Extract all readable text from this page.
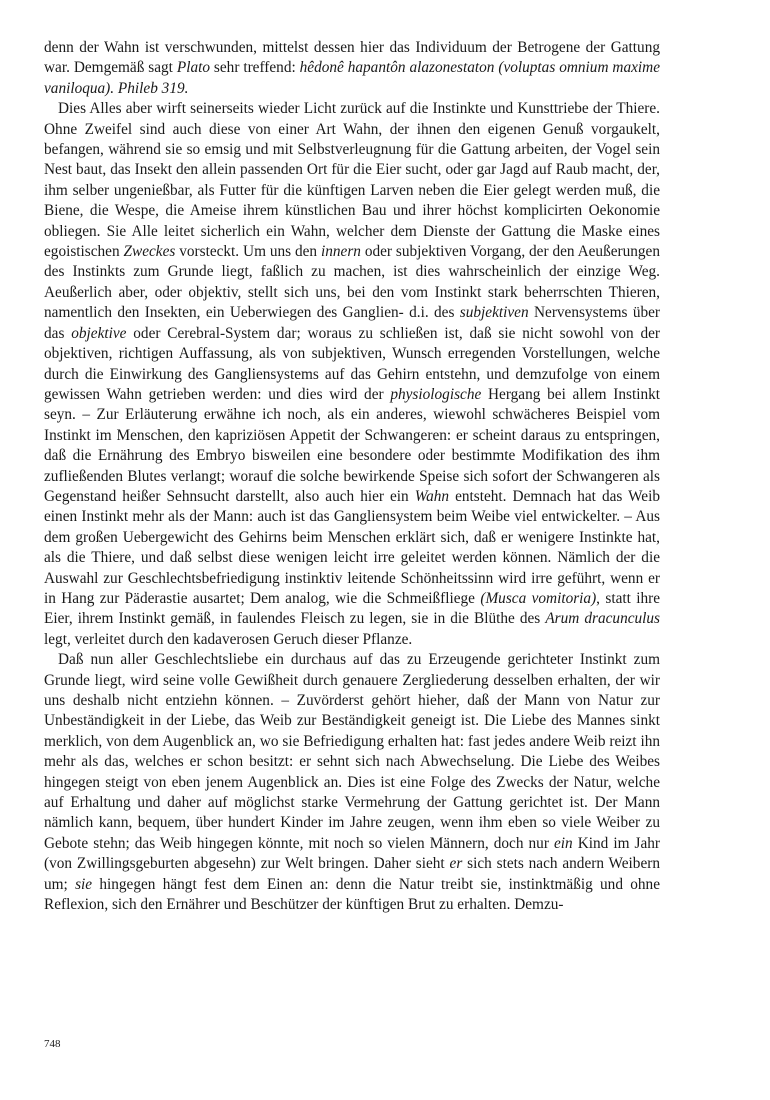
denn der Wahn ist verschwunden, mittelst dessen hier das Individuum der Betrogene der Gattung war. Demgemäß sagt Plato sehr treffend: hêdonê hapantôn alazonestaton (voluptas omnium maxime vaniloqua). Phileb 319.

Dies Alles aber wirft seinerseits wieder Licht zurück auf die Instinkte und Kunsttriebe der Thiere. Ohne Zweifel sind auch diese von einer Art Wahn, der ihnen den eigenen Genuß vorgaukelt, befangen, während sie so emsig und mit Selbstverleugnung für die Gattung arbeiten, der Vogel sein Nest baut, das Insekt den allein passenden Ort für die Eier sucht, oder gar Jagd auf Raub macht, der, ihm selber ungenießbar, als Futter für die künftigen Larven neben die Eier gelegt werden muß, die Biene, die Wespe, die Ameise ihrem künstlichen Bau und ihrer höchst komplicirten Oekonomie obliegen. Sie Alle leitet sicherlich ein Wahn, welcher dem Dienste der Gattung die Maske eines egoistischen Zweckes vorsteckt. Um uns den innern oder subjektiven Vorgang, der den Aeußerungen des Instinkts zum Grunde liegt, faßlich zu machen, ist dies wahrscheinlich der einzige Weg. Aeußerlich aber, oder objektiv, stellt sich uns, bei den vom Instinkt stark beherrschten Thieren, namentlich den Insekten, ein Ueberwiegen des Ganglien- d.i. des subjektiven Nervensystems über das objektive oder Cerebral-System dar; woraus zu schließen ist, daß sie nicht sowohl von der objektiven, richtigen Auffassung, als von subjektiven, Wunsch erregenden Vorstellungen, welche durch die Einwirkung des Gangliensystems auf das Gehirn entstehn, und demzufolge von einem gewissen Wahn getrieben werden: und dies wird der physiologische Hergang bei allem Instinkt seyn. – Zur Erläuterung erwähne ich noch, als ein anderes, wiewohl schwächeres Beispiel vom Instinkt im Menschen, den kapriziösen Appetit der Schwangeren: er scheint daraus zu entspringen, daß die Ernährung des Embryo bisweilen eine besondere oder bestimmte Modifikation des ihm zufließenden Blutes verlangt; worauf die solche bewirkende Speise sich sofort der Schwangeren als Gegenstand heißer Sehnsucht darstellt, also auch hier ein Wahn entsteht. Demnach hat das Weib einen Instinkt mehr als der Mann: auch ist das Gangliensystem beim Weibe viel entwickelter. – Aus dem großen Uebergewicht des Gehirns beim Menschen erklärt sich, daß er wenigere Instinkte hat, als die Thiere, und daß selbst diese wenigen leicht irre geleitet werden können. Nämlich der die Auswahl zur Geschlechtsbefriedigung instinktiv leitende Schönheitssinn wird irre geführt, wenn er in Hang zur Päderastie ausartet; Dem analog, wie die Schmeißfliege (Musca vomitoria), statt ihre Eier, ihrem Instinkt gemäß, in faulendes Fleisch zu legen, sie in die Blüthe des Arum dracunculus legt, verleitet durch den kadaverosen Geruch dieser Pflanze.

Daß nun aller Geschlechtsliebe ein durchaus auf das zu Erzeugende gerichteter Instinkt zum Grunde liegt, wird seine volle Gewißheit durch genauere Zergliederung desselben erhalten, der wir uns deshalb nicht entziehn können. – Zuvörderst gehört hieher, daß der Mann von Natur zur Unbeständigkeit in der Liebe, das Weib zur Beständigkeit geneigt ist. Die Liebe des Mannes sinkt merklich, von dem Augenblick an, wo sie Befriedigung erhalten hat: fast jedes andere Weib reizt ihn mehr als das, welches er schon besitzt: er sehnt sich nach Abwechselung. Die Liebe des Weibes hingegen steigt von eben jenem Augenblick an. Dies ist eine Folge des Zwecks der Natur, welche auf Erhaltung und daher auf möglichst starke Vermehrung der Gattung gerichtet ist. Der Mann nämlich kann, bequem, über hundert Kinder im Jahre zeugen, wenn ihm eben so viele Weiber zu Gebote stehn; das Weib hingegen könnte, mit noch so vielen Männern, doch nur ein Kind im Jahr (von Zwillingsgeburten abgesehn) zur Welt bringen. Daher sieht er sich stets nach andern Weibern um; sie hingegen hängt fest dem Einen an: denn die Natur treibt sie, instinktmäßig und ohne Reflexion, sich den Ernährer und Beschützer der künftigen Brut zu erhalten. Demzu-

748
